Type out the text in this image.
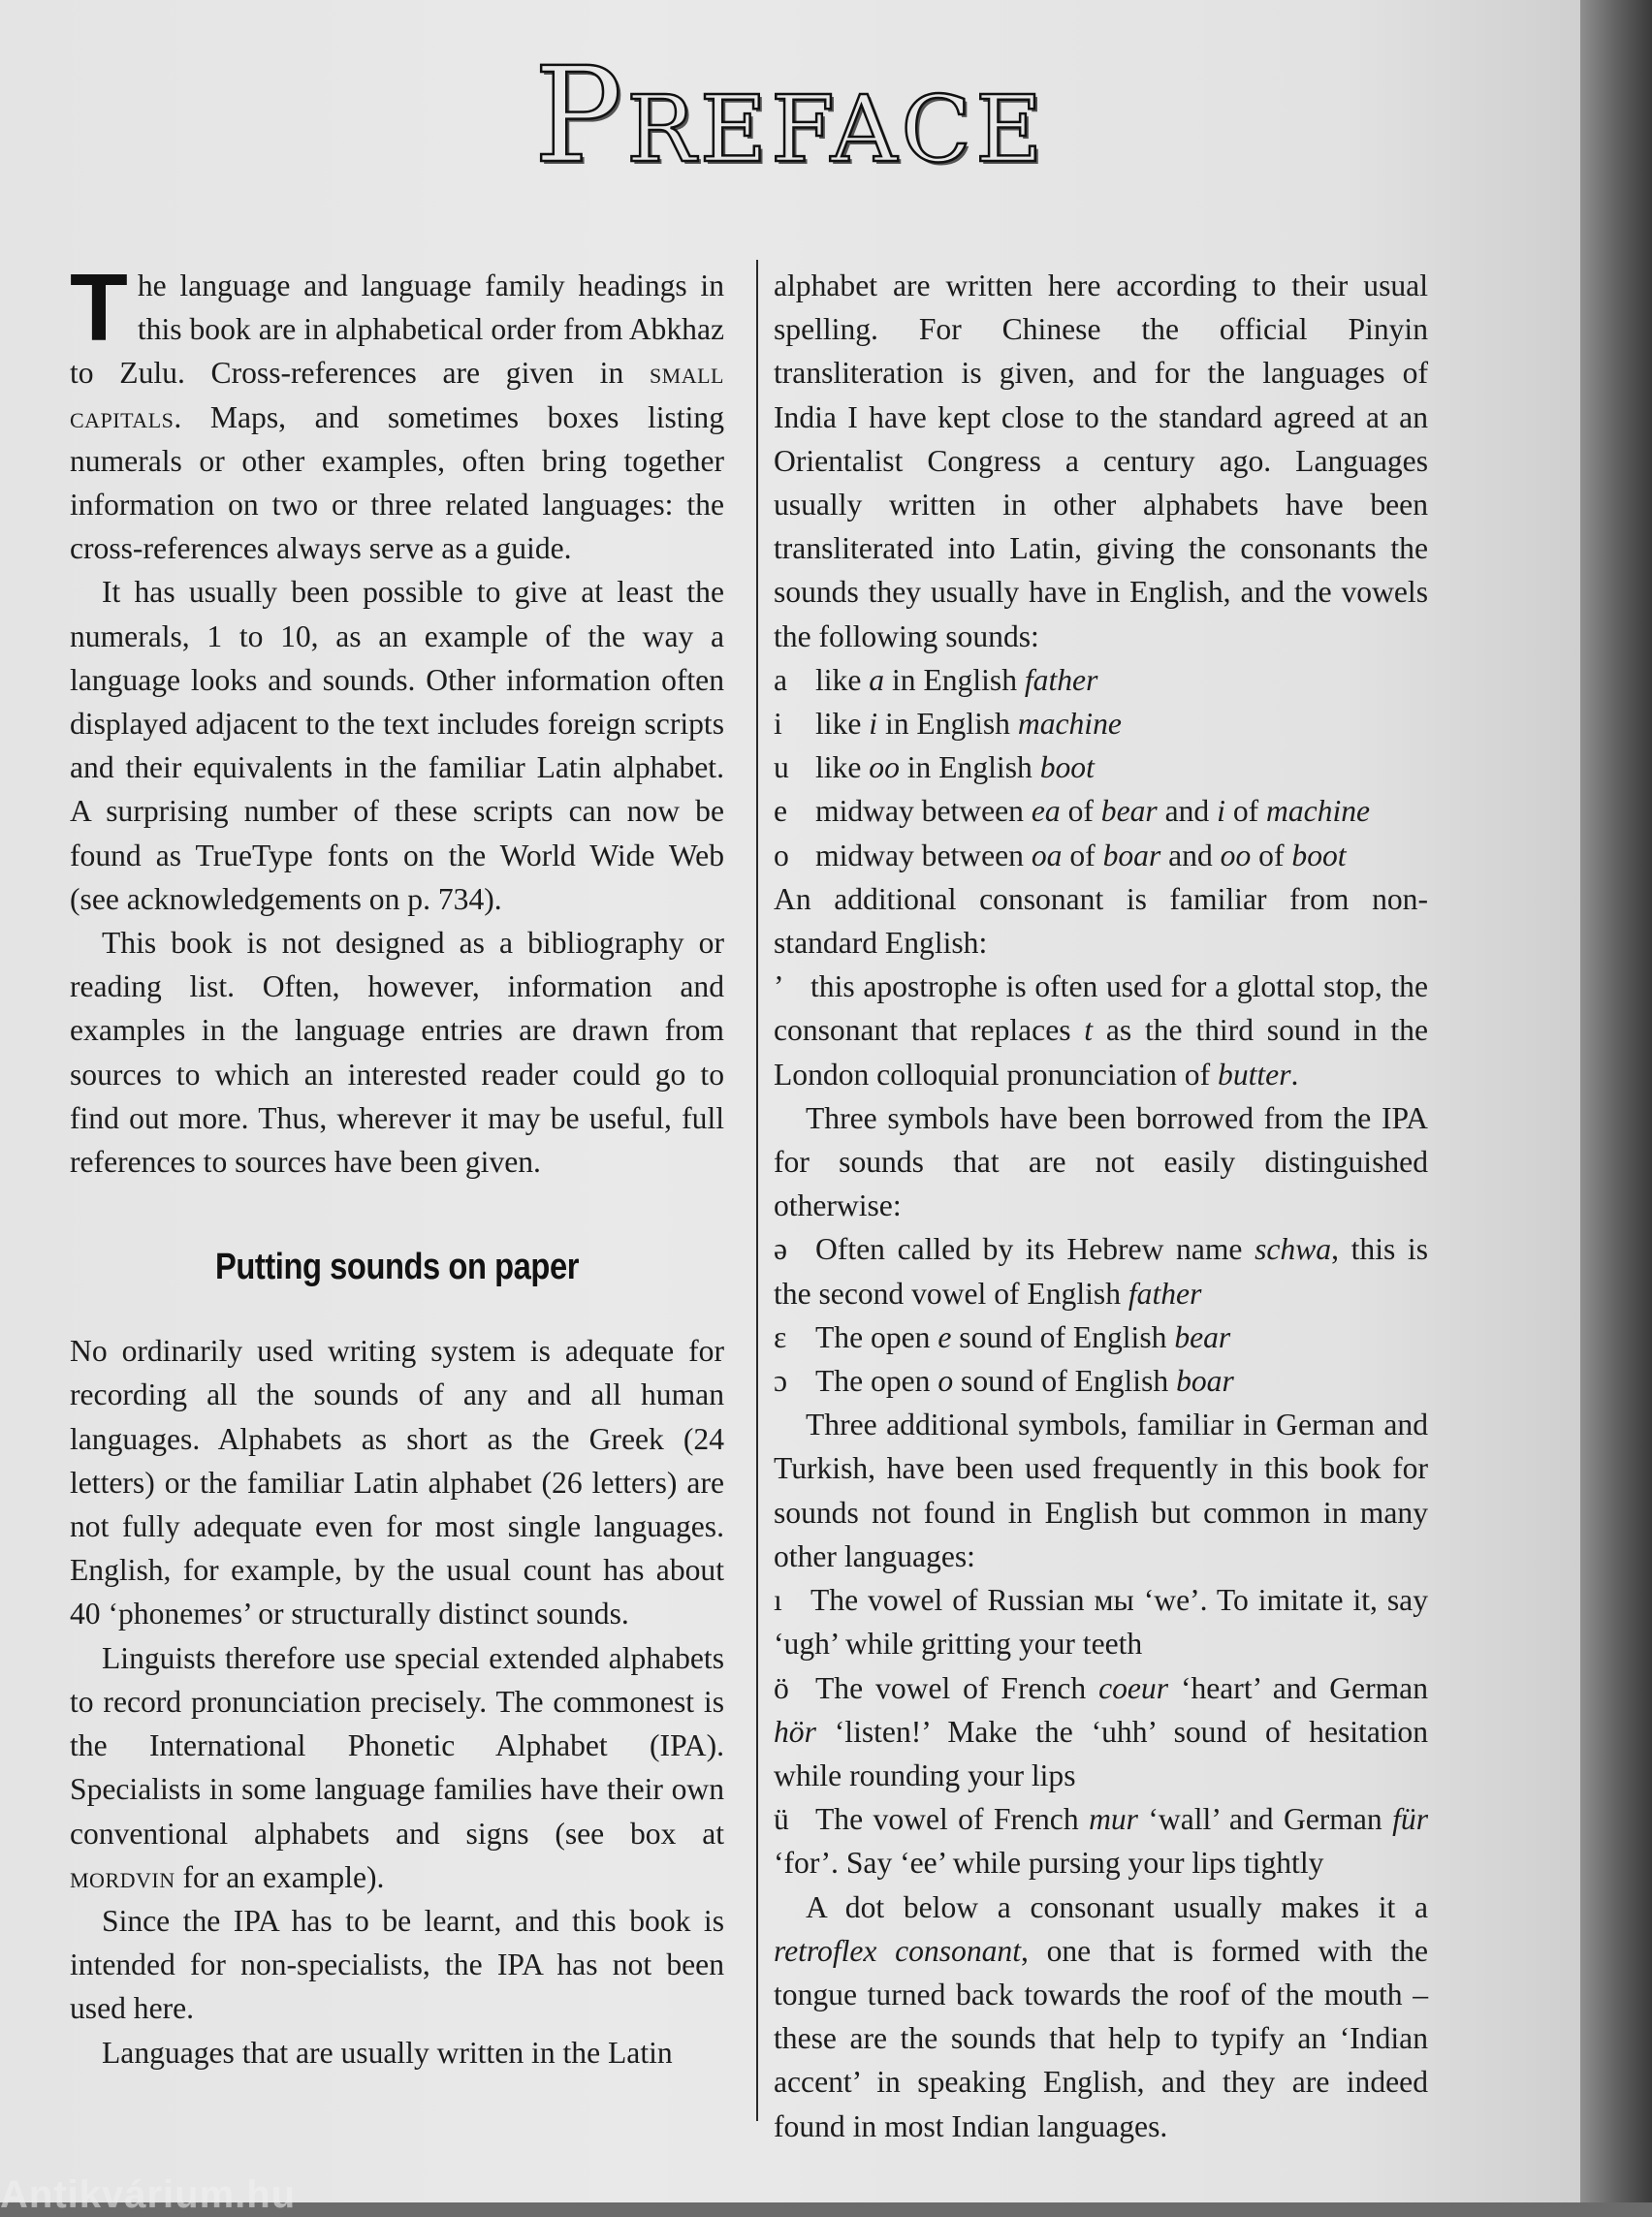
Preface

The language and language family headings in this book are in alphabetical order from Abkhaz to Zulu. Cross-references are given in small capitals. Maps, and sometimes boxes listing numerals or other examples, often bring together information on two or three related languages: the cross-references always serve as a guide.

It has usually been possible to give at least the numerals, 1 to 10, as an example of the way a language looks and sounds. Other information often displayed adjacent to the text includes foreign scripts and their equivalents in the familiar Latin alphabet. A surprising number of these scripts can now be found as TrueType fonts on the World Wide Web (see acknowledgements on p. 734).

This book is not designed as a bibliography or reading list. Often, however, information and examples in the language entries are drawn from sources to which an interested reader could go to find out more. Thus, wherever it may be useful, full references to sources have been given.

Putting sounds on paper

No ordinarily used writing system is adequate for recording all the sounds of any and all human languages. Alphabets as short as the Greek (24 letters) or the familiar Latin alphabet (26 letters) are not fully adequate even for most single languages. English, for example, by the usual count has about 40 ‘phonemes’ or structurally distinct sounds.

Linguists therefore use special extended alphabets to record pronunciation precisely. The commonest is the International Phonetic Alphabet (IPA). Specialists in some language families have their own conventional alphabets and signs (see box at mordvin for an example).

Since the IPA has to be learnt, and this book is intended for non-specialists, the IPA has not been used here.

Languages that are usually written in the Latin

alphabet are written here according to their usual spelling. For Chinese the official Pinyin transliteration is given, and for the languages of India I have kept close to the standard agreed at an Orientalist Congress a century ago. Languages usually written in other alphabets have been transliterated into Latin, giving the consonants the sounds they usually have in English, and the vowels the following sounds:

a like a in English father
i	like i in English machine
u like oo in English boot
e midway between ea of bear and i of machine
o midway between oa of boar and oo of boot

An additional consonant is familiar from non-standard English:

’ this apostrophe is often used for a glottal stop, the consonant that replaces t as the third sound in the London colloquial pronunciation of butter.

Three symbols have been borrowed from the IPA for sounds that are not easily distinguished otherwise:

ə Often called by its Hebrew name schwa, this is the second vowel of English father

ɛ The open e sound of English bear

ɔ The open o sound of English boar

Three additional symbols, familiar in German and Turkish, have been used frequently in this book for sounds not found in English but common in many other languages:

ı The vowel of Russian мы ‘we’. To imitate it, say ‘ugh’ while gritting your teeth

ö The vowel of French coeur ‘heart’ and German hör ‘listen!’ Make the ‘uhh’ sound of hesitation while rounding your lips

ü The vowel of French mur ‘wall’ and German für ‘for’. Say ‘ee’ while pursing your lips tightly

A dot below a consonant usually makes it a retroflex consonant, one that is formed with the tongue turned back towards the roof of the mouth – these are the sounds that help to typify an ‘Indian accent’ in speaking English, and they are indeed found in most Indian languages.

Antikvárium.hu
